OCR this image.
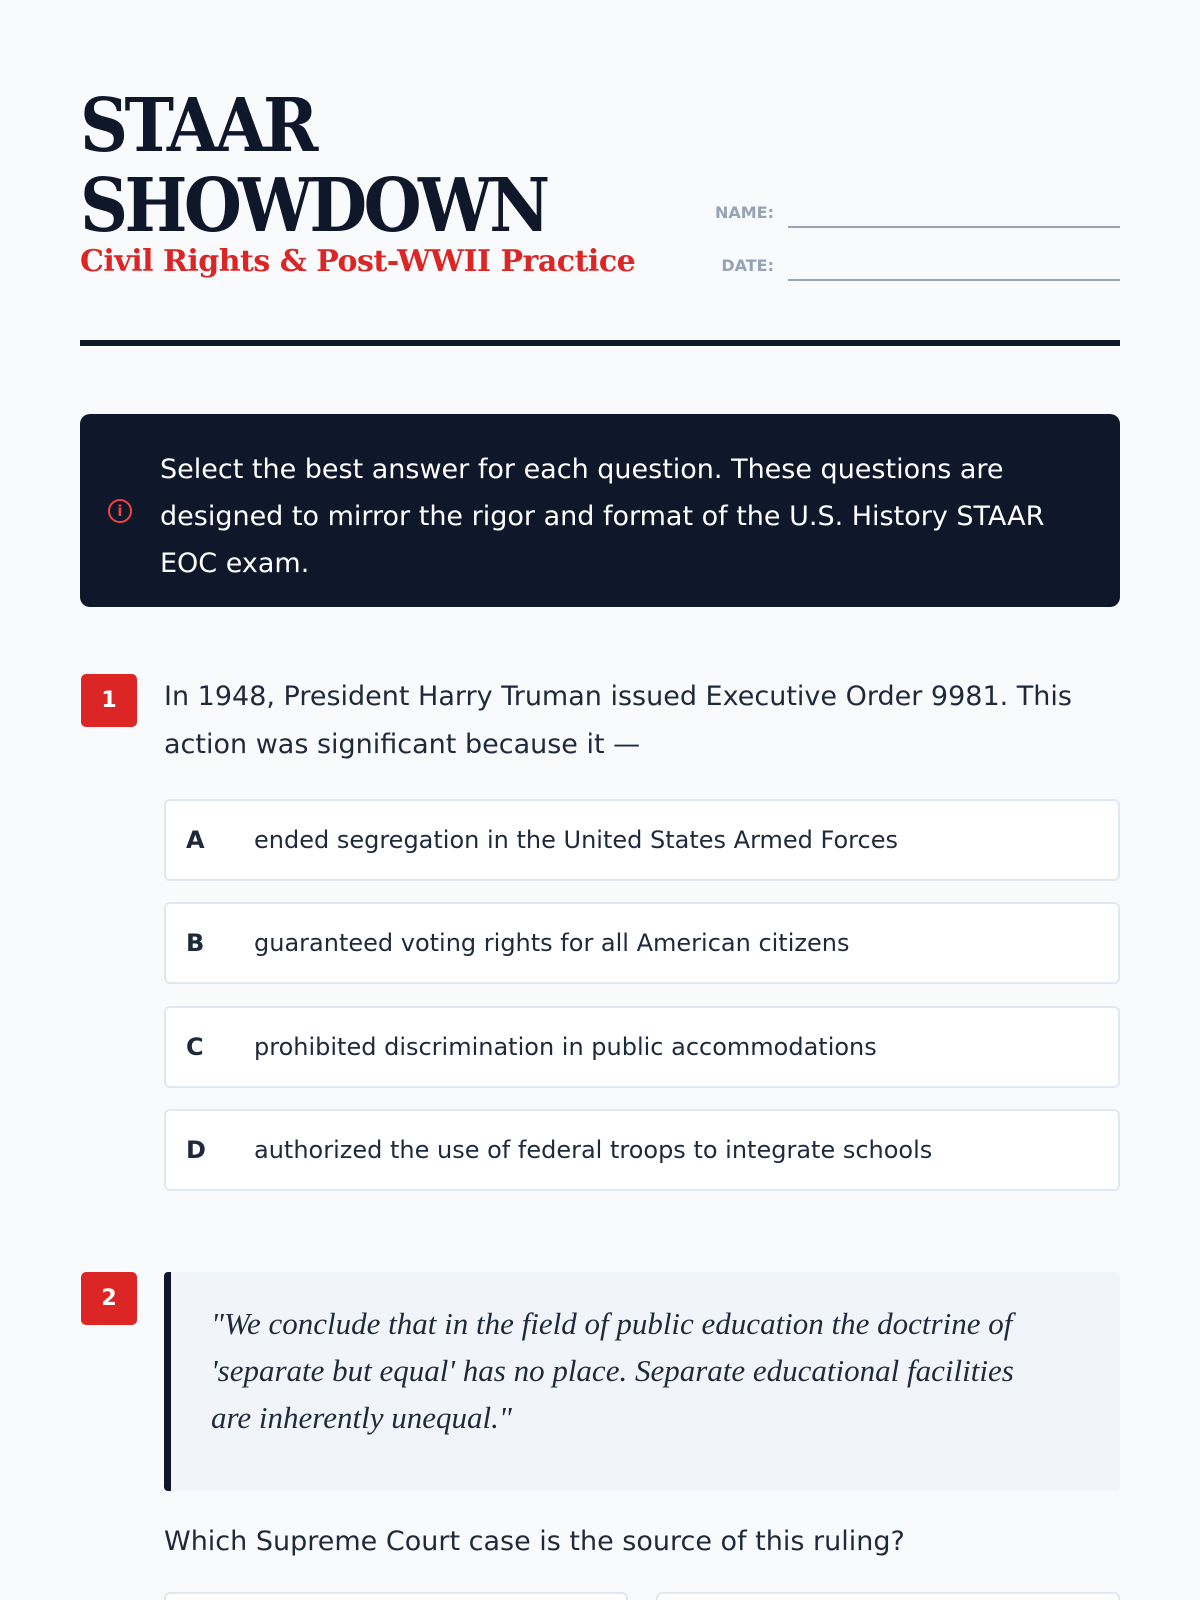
STAAR
SHOWDOWN
Civil Rights & Post-WWII Practice
NAME:
DATE:
i
Select the best answer for each question. These questions are designed to mirror the rigor and format of the U.S. History STAAR EOC exam.
1	In 1948, President Harry Truman issued Executive Order 9981. This action was significant because it —
A	ended segregation in the United States Armed Forces
B	guaranteed voting rights for all American citizens
C	prohibited discrimination in public accommodations
D	authorized the use of federal troops to integrate schools
2
"We conclude that in the field of public education the doctrine of 'separate but equal' has no place. Separate educational facilities are inherently unequal."
Which Supreme Court case is the source of this ruling?
